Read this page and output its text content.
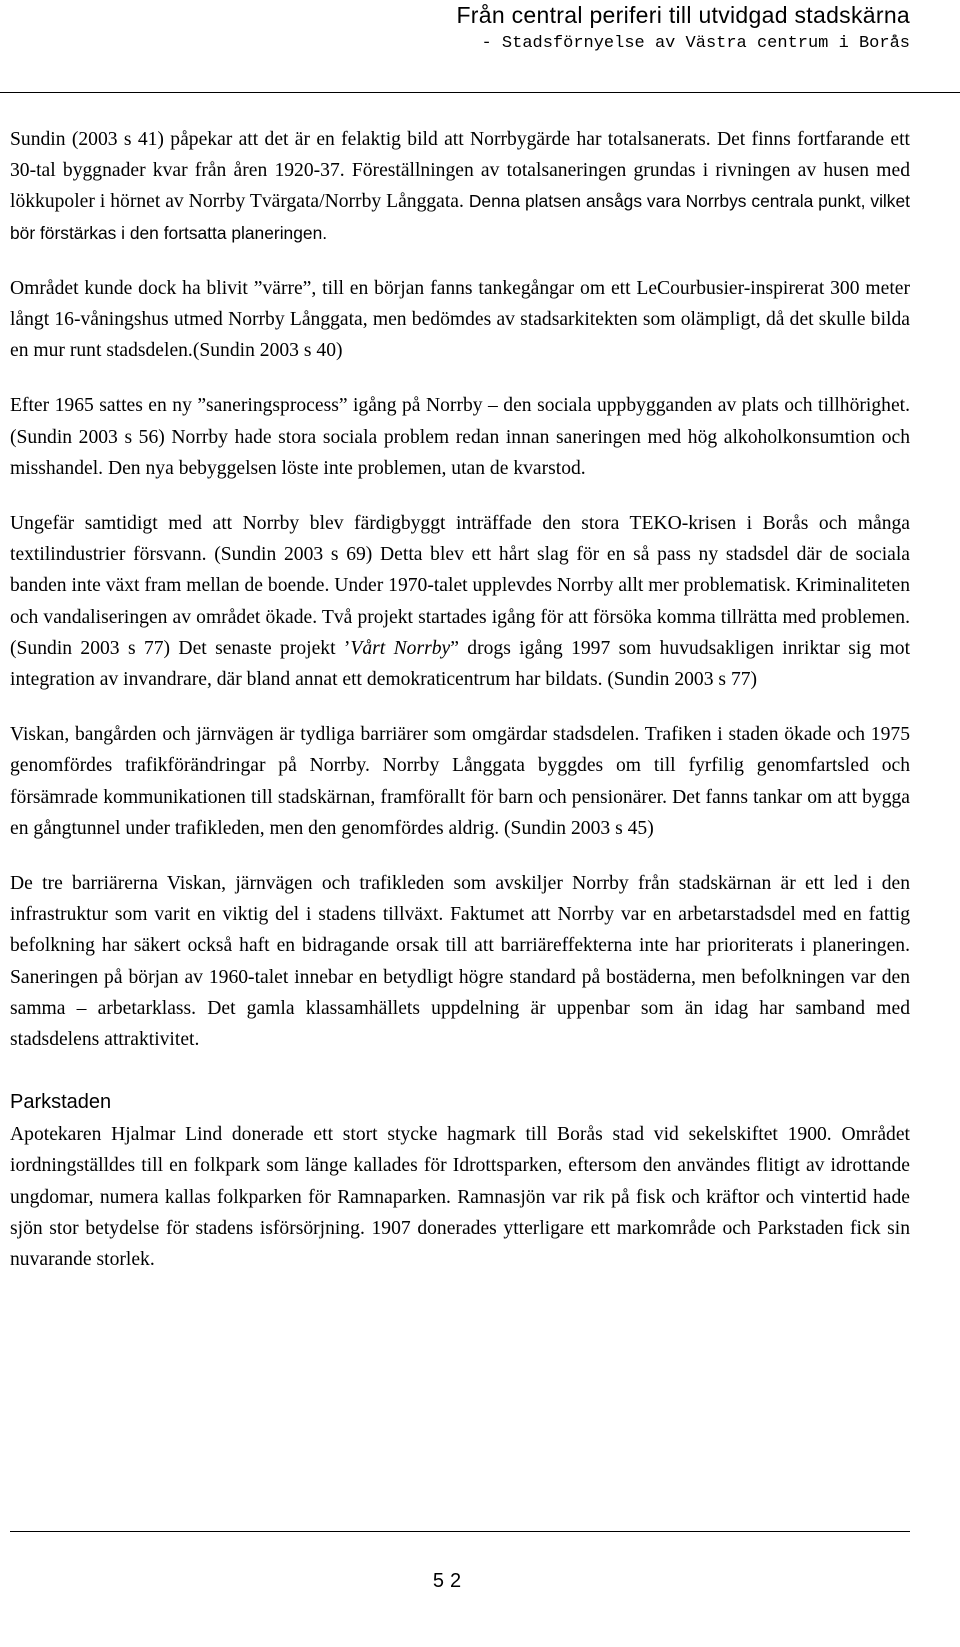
Från central periferi till utvidgad stadskärna
- Stadsförnyelse av Västra centrum i Borås

Sundin (2003 s 41) påpekar att det är en felaktig bild att Norrbygärde har totalsanerats. Det finns fortfarande ett 30-tal byggnader kvar från åren 1920-37. Föreställningen av totalsaneringen grundas i rivningen av husen med lökkupoler i hörnet av Norrby Tvärgata/Norrby Långgata. Denna platsen ansågs vara Norrbys centrala punkt, vilket bör förstärkas i den fortsatta planeringen.

Området kunde dock ha blivit ”värre”, till en början fanns tankegångar om ett LeCourbusier-inspirerat 300 meter långt 16-våningshus utmed Norrby Långgata, men bedömdes av stadsarkitekten som olämpligt, då det skulle bilda en mur runt stadsdelen.(Sundin 2003 s 40)

Efter 1965 sattes en ny ”saneringsprocess” igång på Norrby – den sociala uppbygganden av plats och tillhörighet. (Sundin 2003 s 56) Norrby hade stora sociala problem redan innan saneringen med hög alkoholkonsumtion och misshandel. Den nya bebyggelsen löste inte problemen, utan de kvarstod.

Ungefär samtidigt med att Norrby blev färdigbyggt inträffade den stora TEKO-krisen i Borås och många textilindustrier försvann. (Sundin 2003 s 69) Detta blev ett hårt slag för en så pass ny stadsdel där de sociala banden inte växt fram mellan de boende. Under 1970-talet upplevdes Norrby allt mer problematisk. Kriminaliteten och vandaliseringen av området ökade. Två projekt startades igång för att försöka komma tillrätta med problemen. (Sundin 2003 s 77) Det senaste projekt ’Vårt Norrby” drogs igång 1997 som huvudsakligen inriktar sig mot integration av invandrare, där bland annat ett demokraticentrum har bildats. (Sundin 2003 s 77)

Viskan, bangården och järnvägen är tydliga barriärer som omgärdar stadsdelen. Trafiken i staden ökade och 1975 genomfördes trafikförändringar på Norrby. Norrby Långgata byggdes om till fyrfilig genomfartsled och försämrade kommunikationen till stadskärnan, framförallt för barn och pensionärer. Det fanns tankar om att bygga en gångtunnel under trafikleden, men den genomfördes aldrig. (Sundin 2003 s 45)

De tre barriärerna Viskan, järnvägen och trafikleden som avskiljer Norrby från stadskärnan är ett led i den infrastruktur som varit en viktig del i stadens tillväxt. Faktumet att Norrby var en arbetarstadsdel med en fattig befolkning har säkert också haft en bidragande orsak till att barriäreffekterna inte har prioriterats i planeringen. Saneringen på början av 1960-talet innebar en betydligt högre standard på bostäderna, men befolkningen var den samma – arbetarklass. Det gamla klassamhällets uppdelning är uppenbar som än idag har samband med stadsdelens attraktivitet.

Parkstaden

Apotekaren Hjalmar Lind donerade ett stort stycke hagmark till Borås stad vid sekelskiftet 1900. Området iordningställdes till en folkpark som länge kallades för Idrottsparken, eftersom den användes flitigt av idrottande ungdomar, numera kallas folkparken för Ramnaparken. Ramnasjön var rik på fisk och kräftor och vintertid hade sjön stor betydelse för stadens isförsörjning. 1907 donerades ytterligare ett markområde och Parkstaden fick sin nuvarande storlek.

52
